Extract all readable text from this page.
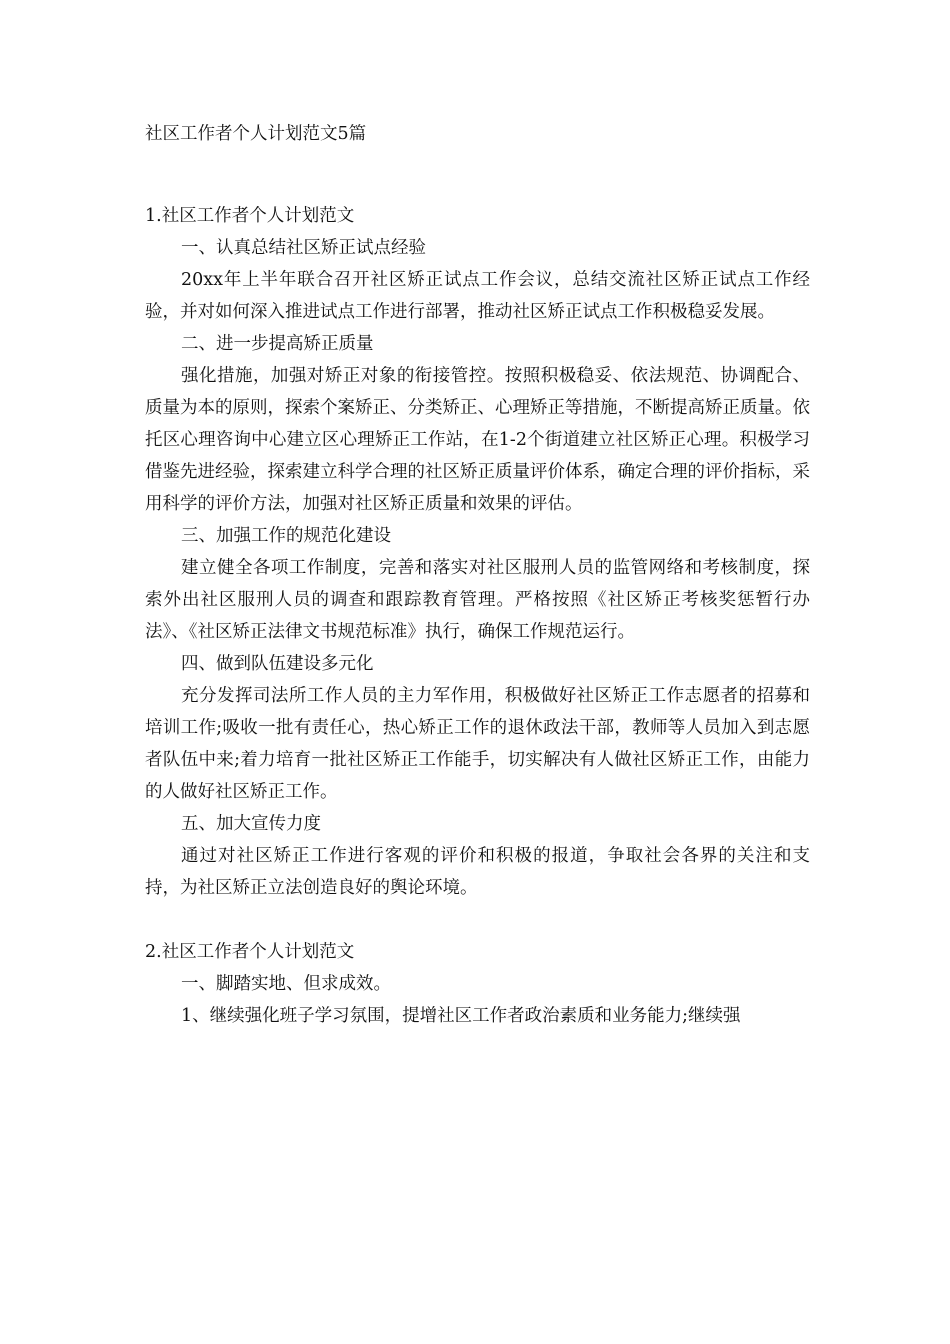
社区工作者个人计划范文5篇
1.社区工作者个人计划范文

一、认真总结社区矫正试点经验

20xx年上半年联合召开社区矫正试点工作会议，总结交流社区矫正试点工作经验，并对如何深入推进试点工作进行部署，推动社区矫正试点工作积极稳妥发展。

二、进一步提高矫正质量

强化措施，加强对矫正对象的衔接管控。按照积极稳妥、依法规范、协调配合、质量为本的原则，探索个案矫正、分类矫正、心理矫正等措施，不断提高矫正质量。依托区心理咨询中心建立区心理矫正工作站，在1-2个街道建立社区矫正心理。积极学习借鉴先进经验，探索建立科学合理的社区矫正质量评价体系，确定合理的评价指标，采用科学的评价方法，加强对社区矫正质量和效果的评估。

三、加强工作的规范化建设

建立健全各项工作制度，完善和落实对社区服刑人员的监管网络和考核制度，探索外出社区服刑人员的调查和跟踪教育管理。严格按照《社区矫正考核奖惩暂行办法》、《社区矫正法律文书规范标准》执行，确保工作规范运行。

四、做到队伍建设多元化

充分发挥司法所工作人员的主力军作用，积极做好社区矫正工作志愿者的招募和培训工作;吸收一批有责任心，热心矫正工作的退休政法干部，教师等人员加入到志愿者队伍中来;着力培育一批社区矫正工作能手，切实解决有人做社区矫正工作，由能力的人做好社区矫正工作。

五、加大宣传力度

通过对社区矫正工作进行客观的评价和积极的报道，争取社会各界的关注和支持，为社区矫正立法创造良好的舆论环境。

2.社区工作者个人计划范文

一、脚踏实地、但求成效。

1、继续强化班子学习氛围，提增社区工作者政治素质和业务能力;继续强
